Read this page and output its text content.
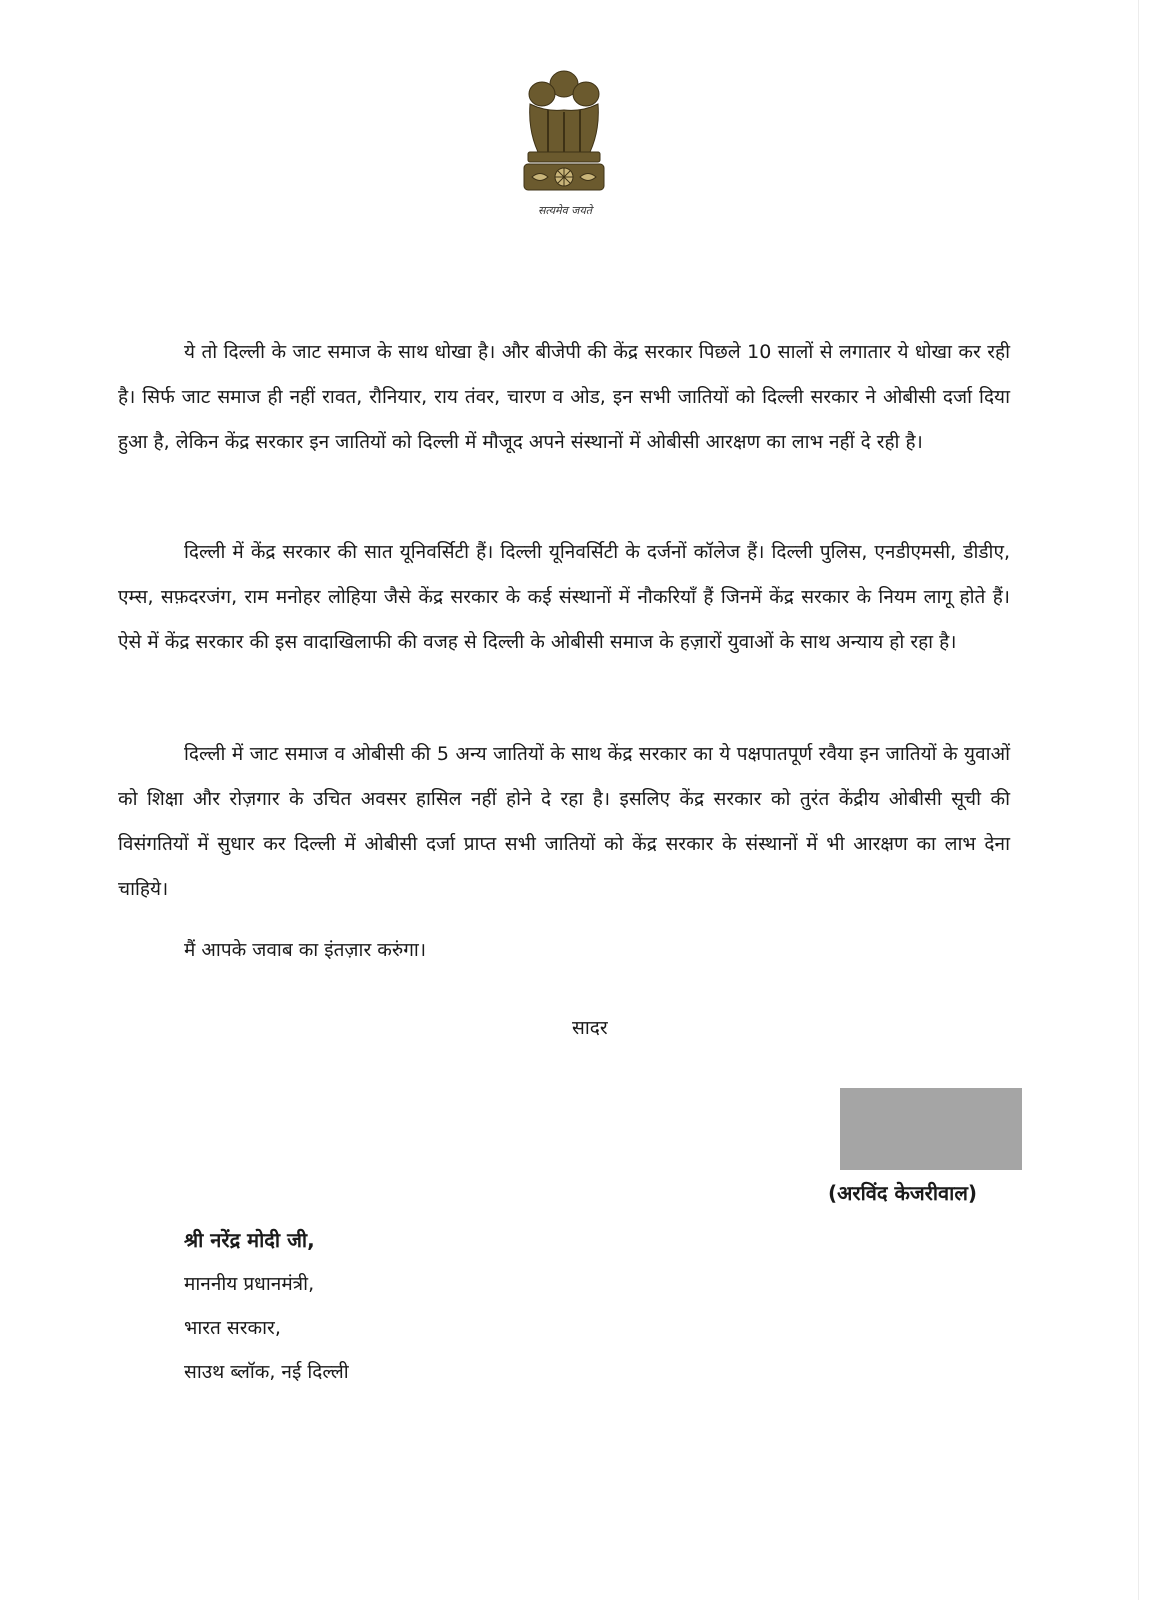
सत्यमेव जयते

ये तो दिल्ली के जाट समाज के साथ धोखा है। और बीजेपी की केंद्र सरकार पिछले 10 सालों से लगातार ये धोखा कर रही है। सिर्फ जाट समाज ही नहीं रावत, रौनियार, राय तंवर, चारण व ओड, इन सभी जातियों को दिल्ली सरकार ने ओबीसी दर्जा दिया हुआ है, लेकिन केंद्र सरकार इन जातियों को दिल्ली में मौजूद अपने संस्थानों में ओबीसी आरक्षण का लाभ नहीं दे रही है।

दिल्ली में केंद्र सरकार की सात यूनिवर्सिटी हैं। दिल्ली यूनिवर्सिटी के दर्जनों कॉलेज हैं। दिल्ली पुलिस, एनडीएमसी, डीडीए, एम्स, सफ़दरजंग, राम मनोहर लोहिया जैसे केंद्र सरकार के कई संस्थानों में नौकरियाँ हैं जिनमें केंद्र सरकार के नियम लागू होते हैं। ऐसे में केंद्र सरकार की इस वादाखिलाफी की वजह से दिल्ली के ओबीसी समाज के हज़ारों युवाओं के साथ अन्याय हो रहा है।

दिल्ली में जाट समाज व ओबीसी की 5 अन्य जातियों के साथ केंद्र सरकार का ये पक्षपातपूर्ण रवैया इन जातियों के युवाओं को शिक्षा और रोज़गार के उचित अवसर हासिल नहीं होने दे रहा है। इसलिए केंद्र सरकार को तुरंत केंद्रीय ओबीसी सूची की विसंगतियों में सुधार कर दिल्ली में ओबीसी दर्जा प्राप्त सभी जातियों को केंद्र सरकार के संस्थानों में भी आरक्षण का लाभ देना चाहिये।

मैं आपके जवाब का इंतज़ार करुंगा।
सादर
(अरविंद केजरीवाल)
श्री नरेंद्र मोदी जी,
माननीय प्रधानमंत्री,
भारत सरकार,
साउथ ब्लॉक, नई दिल्ली
